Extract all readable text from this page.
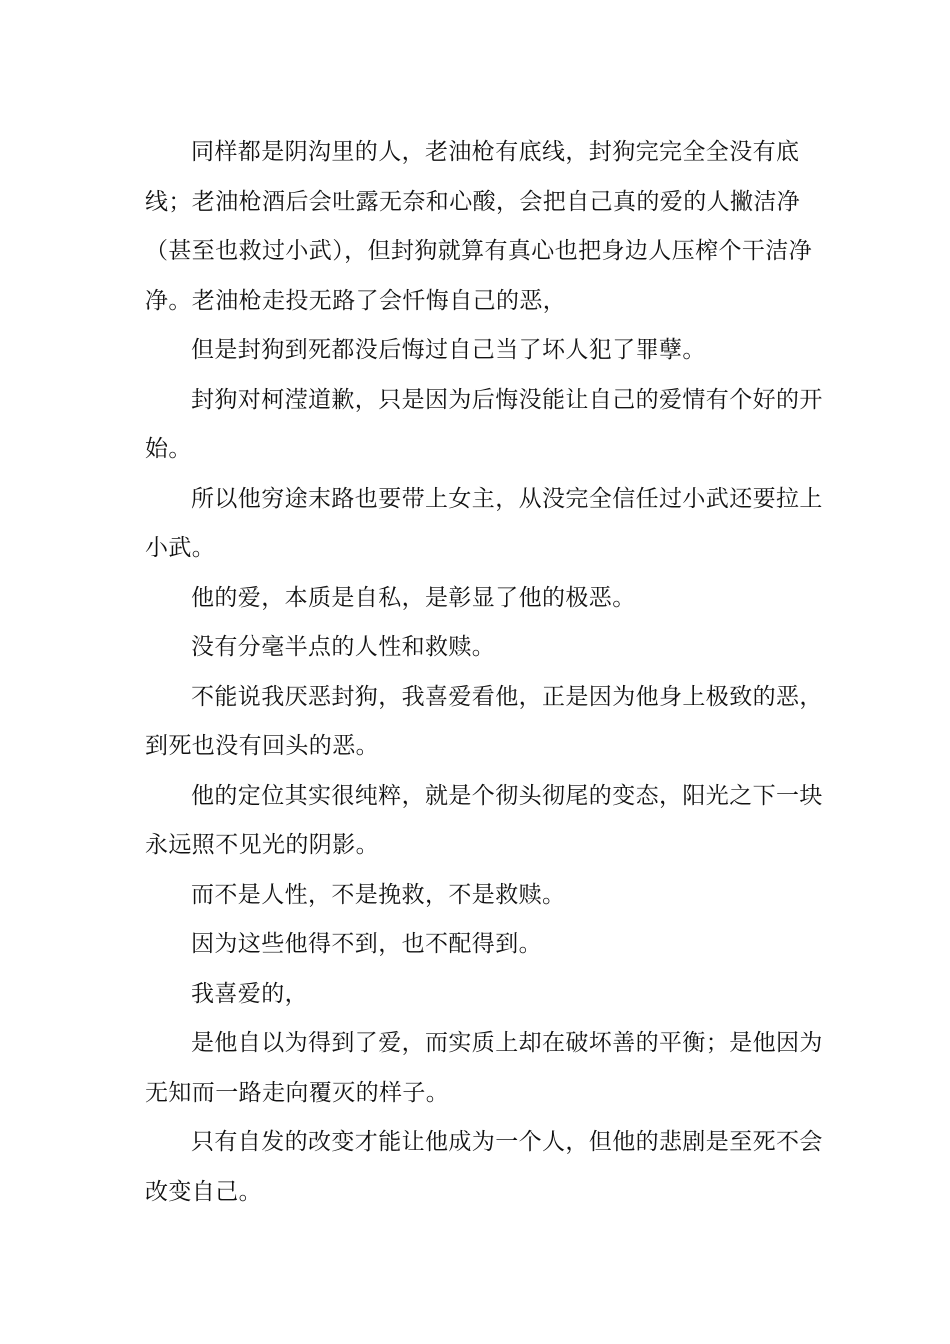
同样都是阴沟里的人，老油枪有底线，封狗完完全全没有底线；老油枪酒后会吐露无奈和心酸，会把自己真的爱的人撇洁净（甚至也救过小武），但封狗就算有真心也把身边人压榨个干洁净净。老油枪走投无路了会忏悔自己的恶，

但是封狗到死都没后悔过自己当了坏人犯了罪孽。

封狗对柯滢道歉，只是因为后悔没能让自己的爱情有个好的开始。

所以他穷途末路也要带上女主，从没完全信任过小武还要拉上小武。

他的爱，本质是自私，是彰显了他的极恶。

没有分毫半点的人性和救赎。

不能说我厌恶封狗，我喜爱看他，正是因为他身上极致的恶，到死也没有回头的恶。

他的定位其实很纯粹，就是个彻头彻尾的变态，阳光之下一块永远照不见光的阴影。

而不是人性，不是挽救，不是救赎。

因为这些他得不到，也不配得到。

我喜爱的，

是他自以为得到了爱，而实质上却在破坏善的平衡；是他因为无知而一路走向覆灭的样子。

只有自发的改变才能让他成为一个人，但他的悲剧是至死不会改变自己。
